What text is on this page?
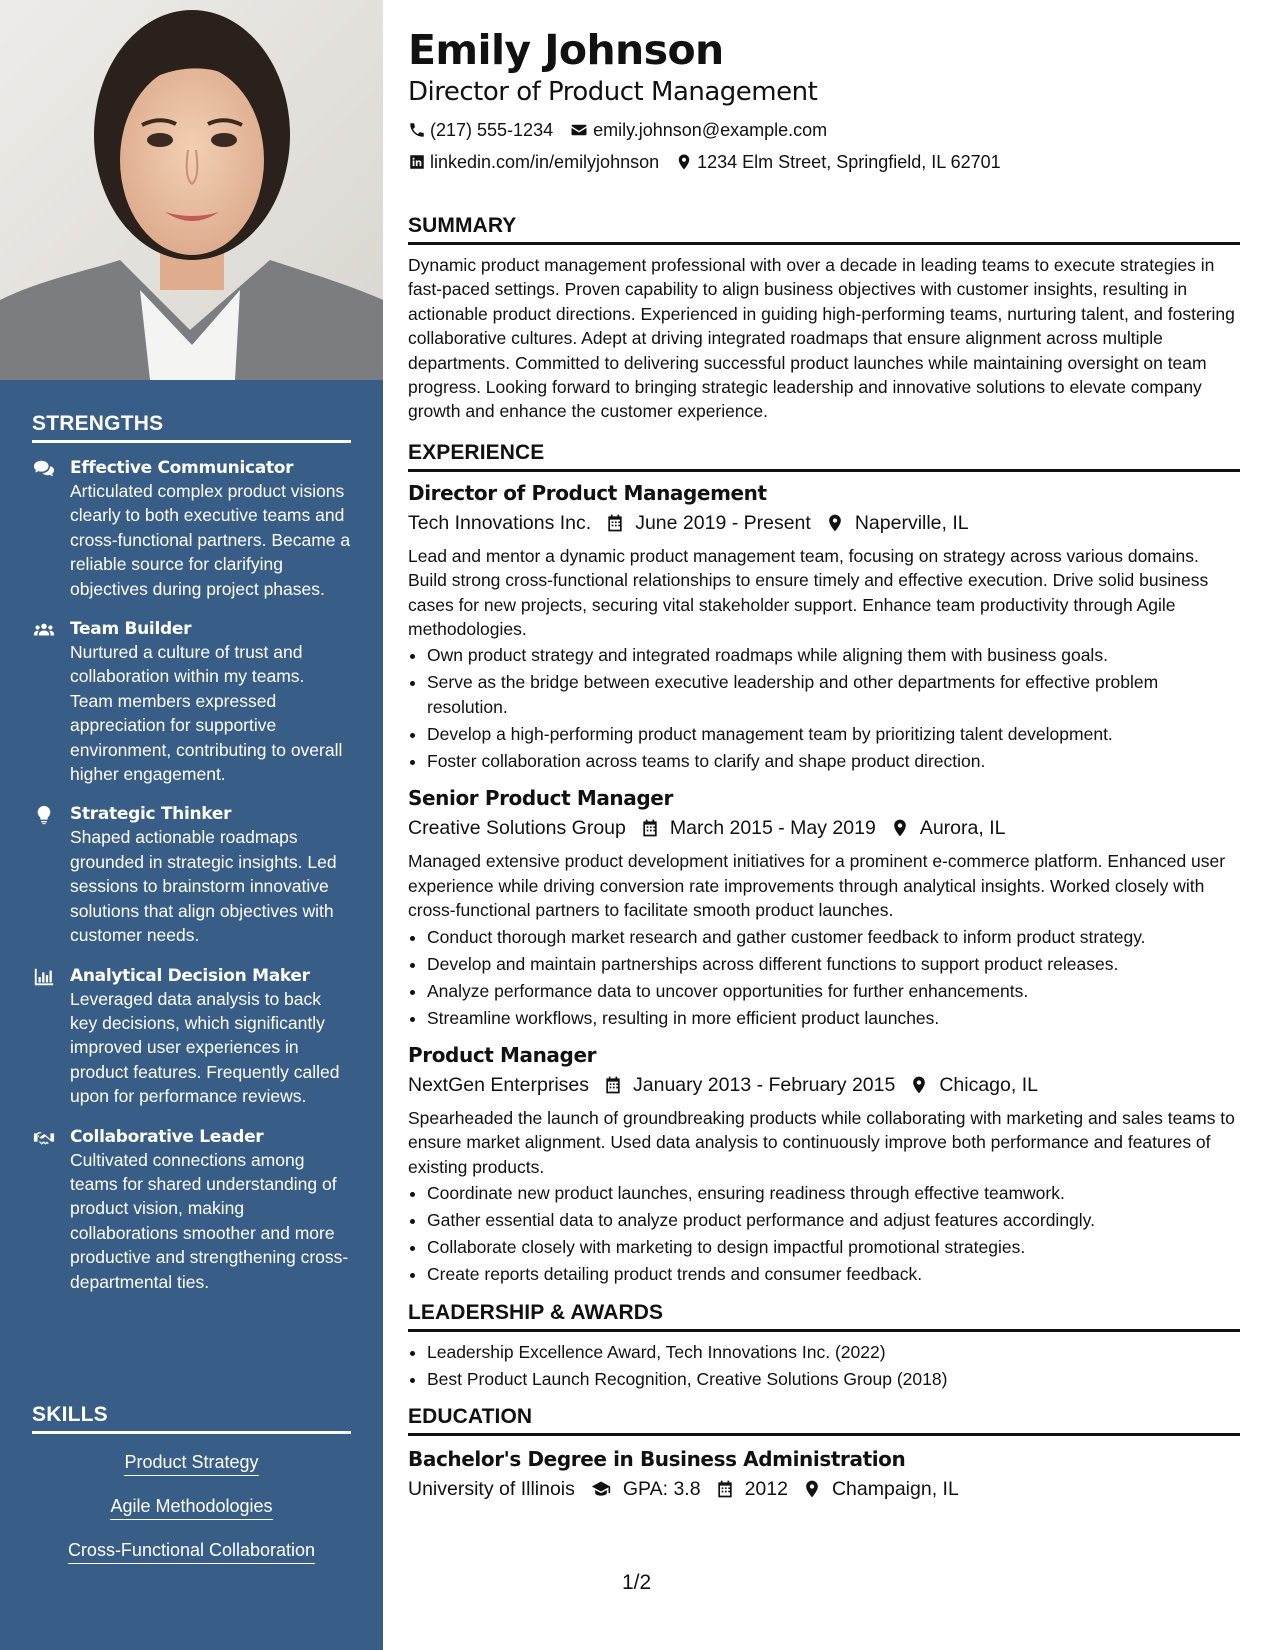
STRENGTHS
Effective Communicator
Articulated complex product visions clearly to both executive teams and cross-functional partners. Became a reliable source for clarifying objectives during project phases.
Team Builder
Nurtured a culture of trust and collaboration within my teams. Team members expressed appreciation for supportive environment, contributing to overall higher engagement.
Strategic Thinker
Shaped actionable roadmaps grounded in strategic insights. Led sessions to brainstorm innovative solutions that align objectives with customer needs.
Analytical Decision Maker
Leveraged data analysis to back key decisions, which significantly improved user experiences in product features. Frequently called upon for performance reviews.
Collaborative Leader
Cultivated connections among teams for shared understanding of product vision, making collaborations smoother and more productive and strengthening cross-departmental ties.
SKILLS
Product Strategy
Agile Methodologies
Cross-Functional Collaboration
Emily Johnson
Director of Product Management
(217) 555-1234 emily.johnson@example.com
linkedin.com/in/emilyjohnson 1234 Elm Street, Springfield, IL 62701
SUMMARY

Dynamic product management professional with over a decade in leading teams to execute strategies in fast-paced settings. Proven capability to align business objectives with customer insights, resulting in actionable product directions. Experienced in guiding high-performing teams, nurturing talent, and fostering collaborative cultures. Adept at driving integrated roadmaps that ensure alignment across multiple departments. Committed to delivering successful product launches while maintaining oversight on team progress. Looking forward to bringing strategic leadership and innovative solutions to elevate company growth and enhance the customer experience.

EXPERIENCE
Director of Product Management
Tech Innovations Inc. June 2019 - Present Naperville, IL

Lead and mentor a dynamic product management team, focusing on strategy across various domains. Build strong cross-functional relationships to ensure timely and effective execution. Drive solid business cases for new projects, securing vital stakeholder support. Enhance team productivity through Agile methodologies.

• Own product strategy and integrated roadmaps while aligning them with business goals.
• Serve as the bridge between executive leadership and other departments for effective problem resolution.
• Develop a high-performing product management team by prioritizing talent development.
• Foster collaboration across teams to clarify and shape product direction.
Senior Product Manager
Creative Solutions Group March 2015 - May 2019 Aurora, IL

Managed extensive product development initiatives for a prominent e-commerce platform. Enhanced user experience while driving conversion rate improvements through analytical insights. Worked closely with cross-functional partners to facilitate smooth product launches.

• Conduct thorough market research and gather customer feedback to inform product strategy.
• Develop and maintain partnerships across different functions to support product releases.
• Analyze performance data to uncover opportunities for further enhancements.
• Streamline workflows, resulting in more efficient product launches.
Product Manager
NextGen Enterprises January 2013 - February 2015 Chicago, IL

Spearheaded the launch of groundbreaking products while collaborating with marketing and sales teams to ensure market alignment. Used data analysis to continuously improve both performance and features of existing products.

• Coordinate new product launches, ensuring readiness through effective teamwork.
• Gather essential data to analyze product performance and adjust features accordingly.
• Collaborate closely with marketing to design impactful promotional strategies.
• Create reports detailing product trends and consumer feedback.
LEADERSHIP & AWARDS
• Leadership Excellence Award, Tech Innovations Inc. (2022)
• Best Product Launch Recognition, Creative Solutions Group (2018)
EDUCATION
Bachelor's Degree in Business Administration
University of Illinois GPA: 3.8 2012 Champaign, IL
1/2
